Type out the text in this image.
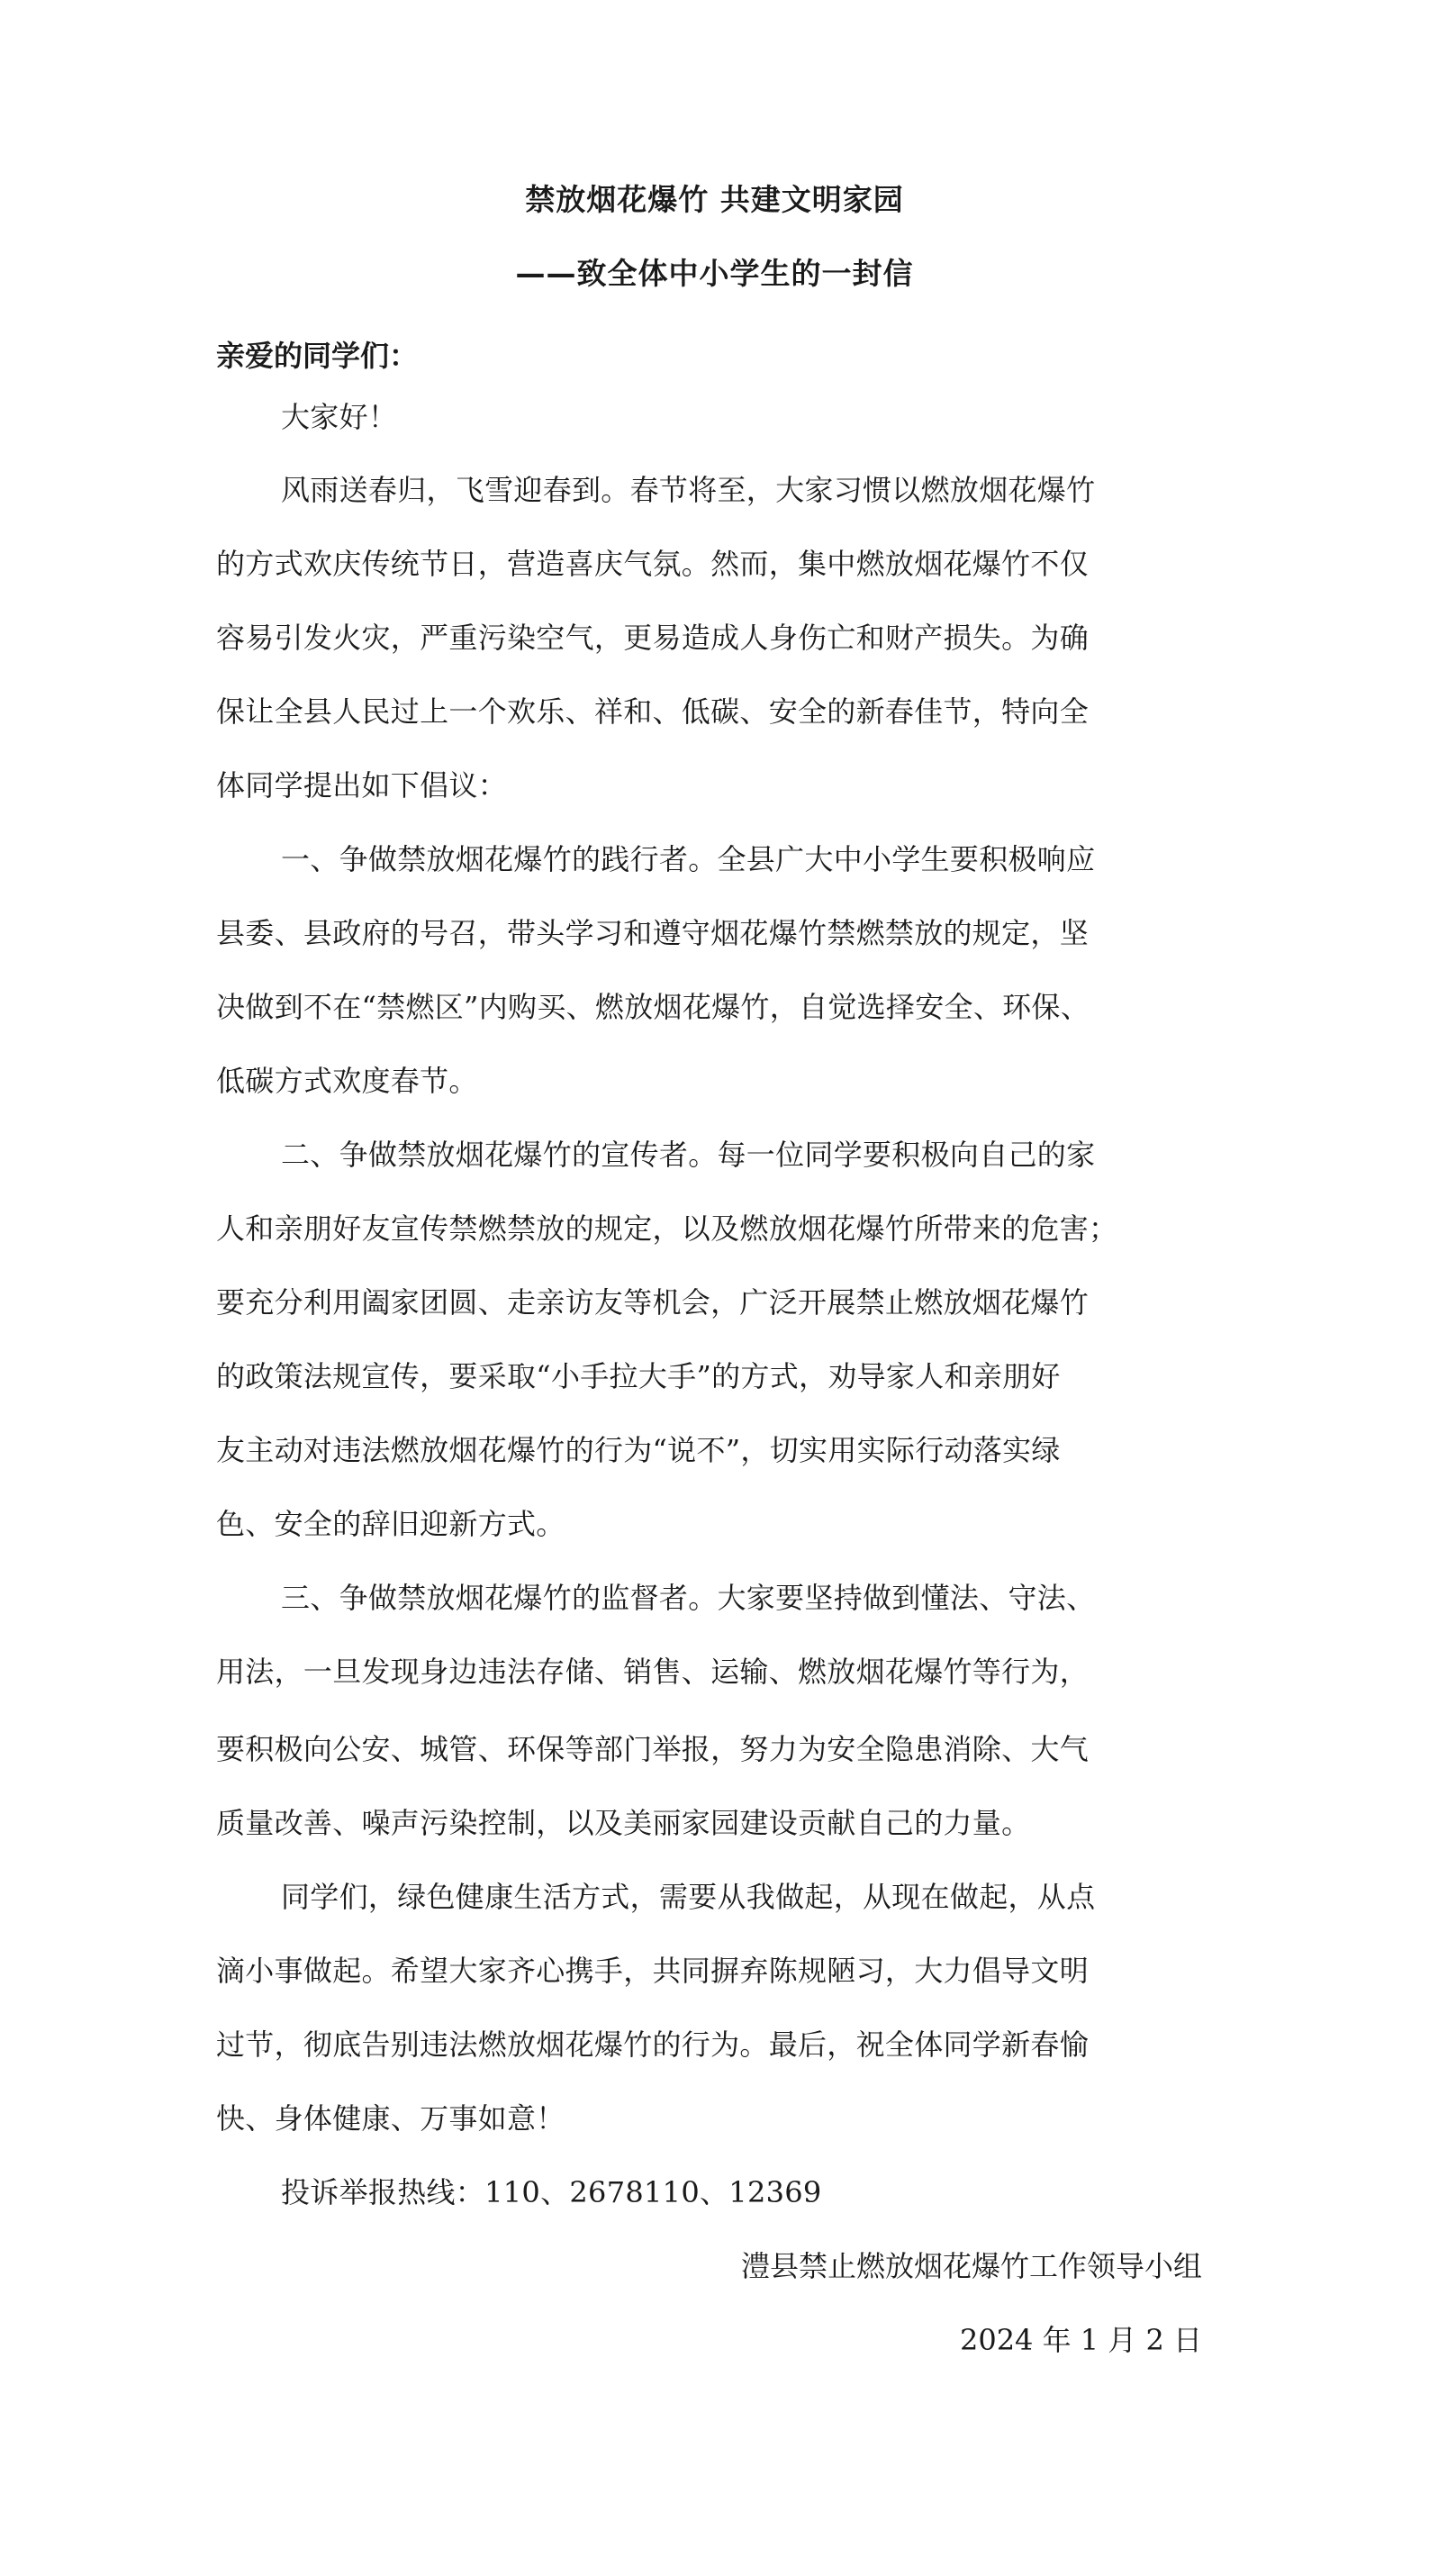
禁放烟花爆竹 共建文明家园
——致全体中小学生的一封信
亲爱的同学们：
大家好！
风雨送春归，飞雪迎春到。春节将至，大家习惯以燃放烟花爆竹
的方式欢庆传统节日，营造喜庆气氛。然而，集中燃放烟花爆竹不仅
容易引发火灾，严重污染空气，更易造成人身伤亡和财产损失。为确
保让全县人民过上一个欢乐、祥和、低碳、安全的新春佳节，特向全
体同学提出如下倡议：
一、争做禁放烟花爆竹的践行者。全县广大中小学生要积极响应
县委、县政府的号召，带头学习和遵守烟花爆竹禁燃禁放的规定，坚
决做到不在“禁燃区”内购买、燃放烟花爆竹，自觉选择安全、环保、
低碳方式欢度春节。
二、争做禁放烟花爆竹的宣传者。每一位同学要积极向自己的家
人和亲朋好友宣传禁燃禁放的规定，以及燃放烟花爆竹所带来的危害；
要充分利用阖家团圆、走亲访友等机会，广泛开展禁止燃放烟花爆竹
的政策法规宣传，要采取“小手拉大手”的方式，劝导家人和亲朋好
友主动对违法燃放烟花爆竹的行为“说不”，切实用实际行动落实绿
色、安全的辞旧迎新方式。
三、争做禁放烟花爆竹的监督者。大家要坚持做到懂法、守法、
用法，一旦发现身边违法存储、销售、运输、燃放烟花爆竹等行为，
要积极向公安、城管、环保等部门举报，努力为安全隐患消除、大气
质量改善、噪声污染控制，以及美丽家园建设贡献自己的力量。
同学们，绿色健康生活方式，需要从我做起，从现在做起，从点
滴小事做起。希望大家齐心携手，共同摒弃陈规陋习，大力倡导文明
过节，彻底告别违法燃放烟花爆竹的行为。最后，祝全体同学新春愉
快、身体健康、万事如意！
投诉举报热线：110、2678110、12369
澧县禁止燃放烟花爆竹工作领导小组
2024 年 1 月 2 日
